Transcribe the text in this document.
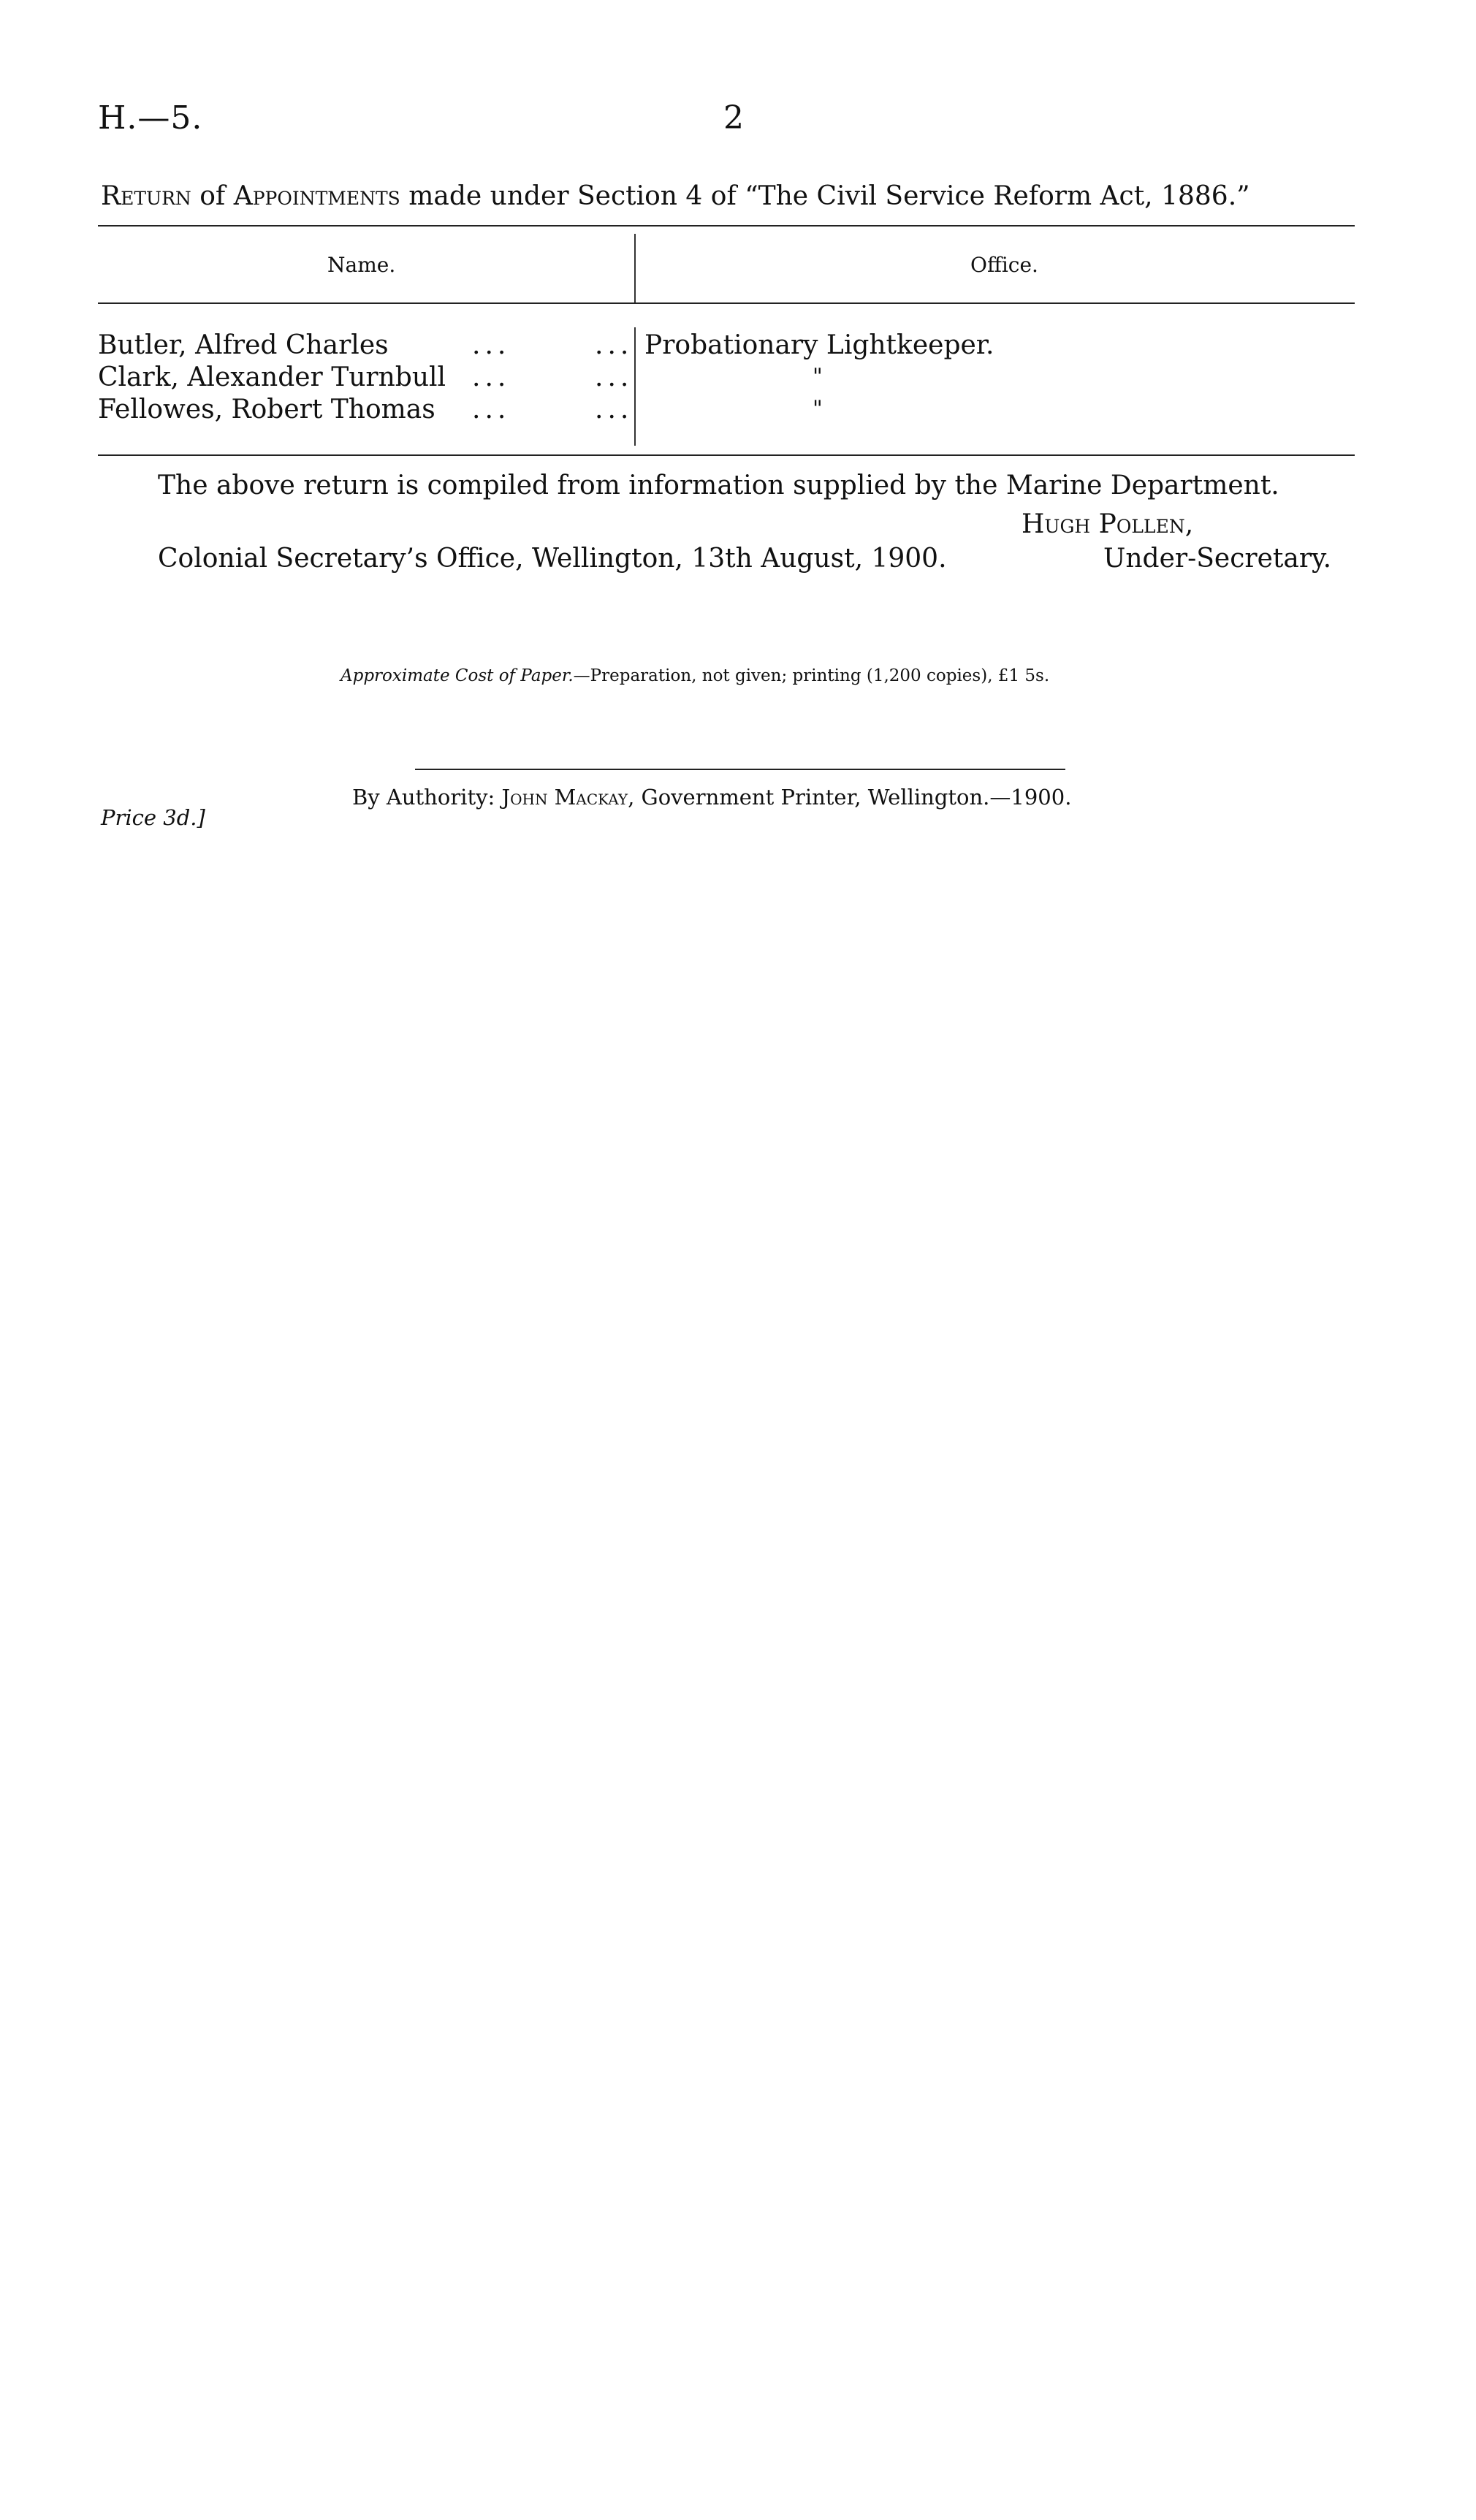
H.—5.	2
Return of Appointments made under Section 4 of “The Civil Service Reform Act, 1886.”
Name.	Office.
Butler, Alfred Charles	...	... Probationary Lightkeeper.
Clark, Alexander Turnbull ...	...	"
Fellowes, Robert Thomas ...	...	"
The above return is compiled from information supplied by the Marine Department.
Hugh Pollen,
Colonial Secretary’s Office, Wellington, 13th August, 1900.	Under-Secretary.
Approximate Cost of Paper.—Preparation, not given; printing (1,200 copies), £1 5s.
By Authority: John Mackay, Government Printer, Wellington.—1900.
Price 3d.]
